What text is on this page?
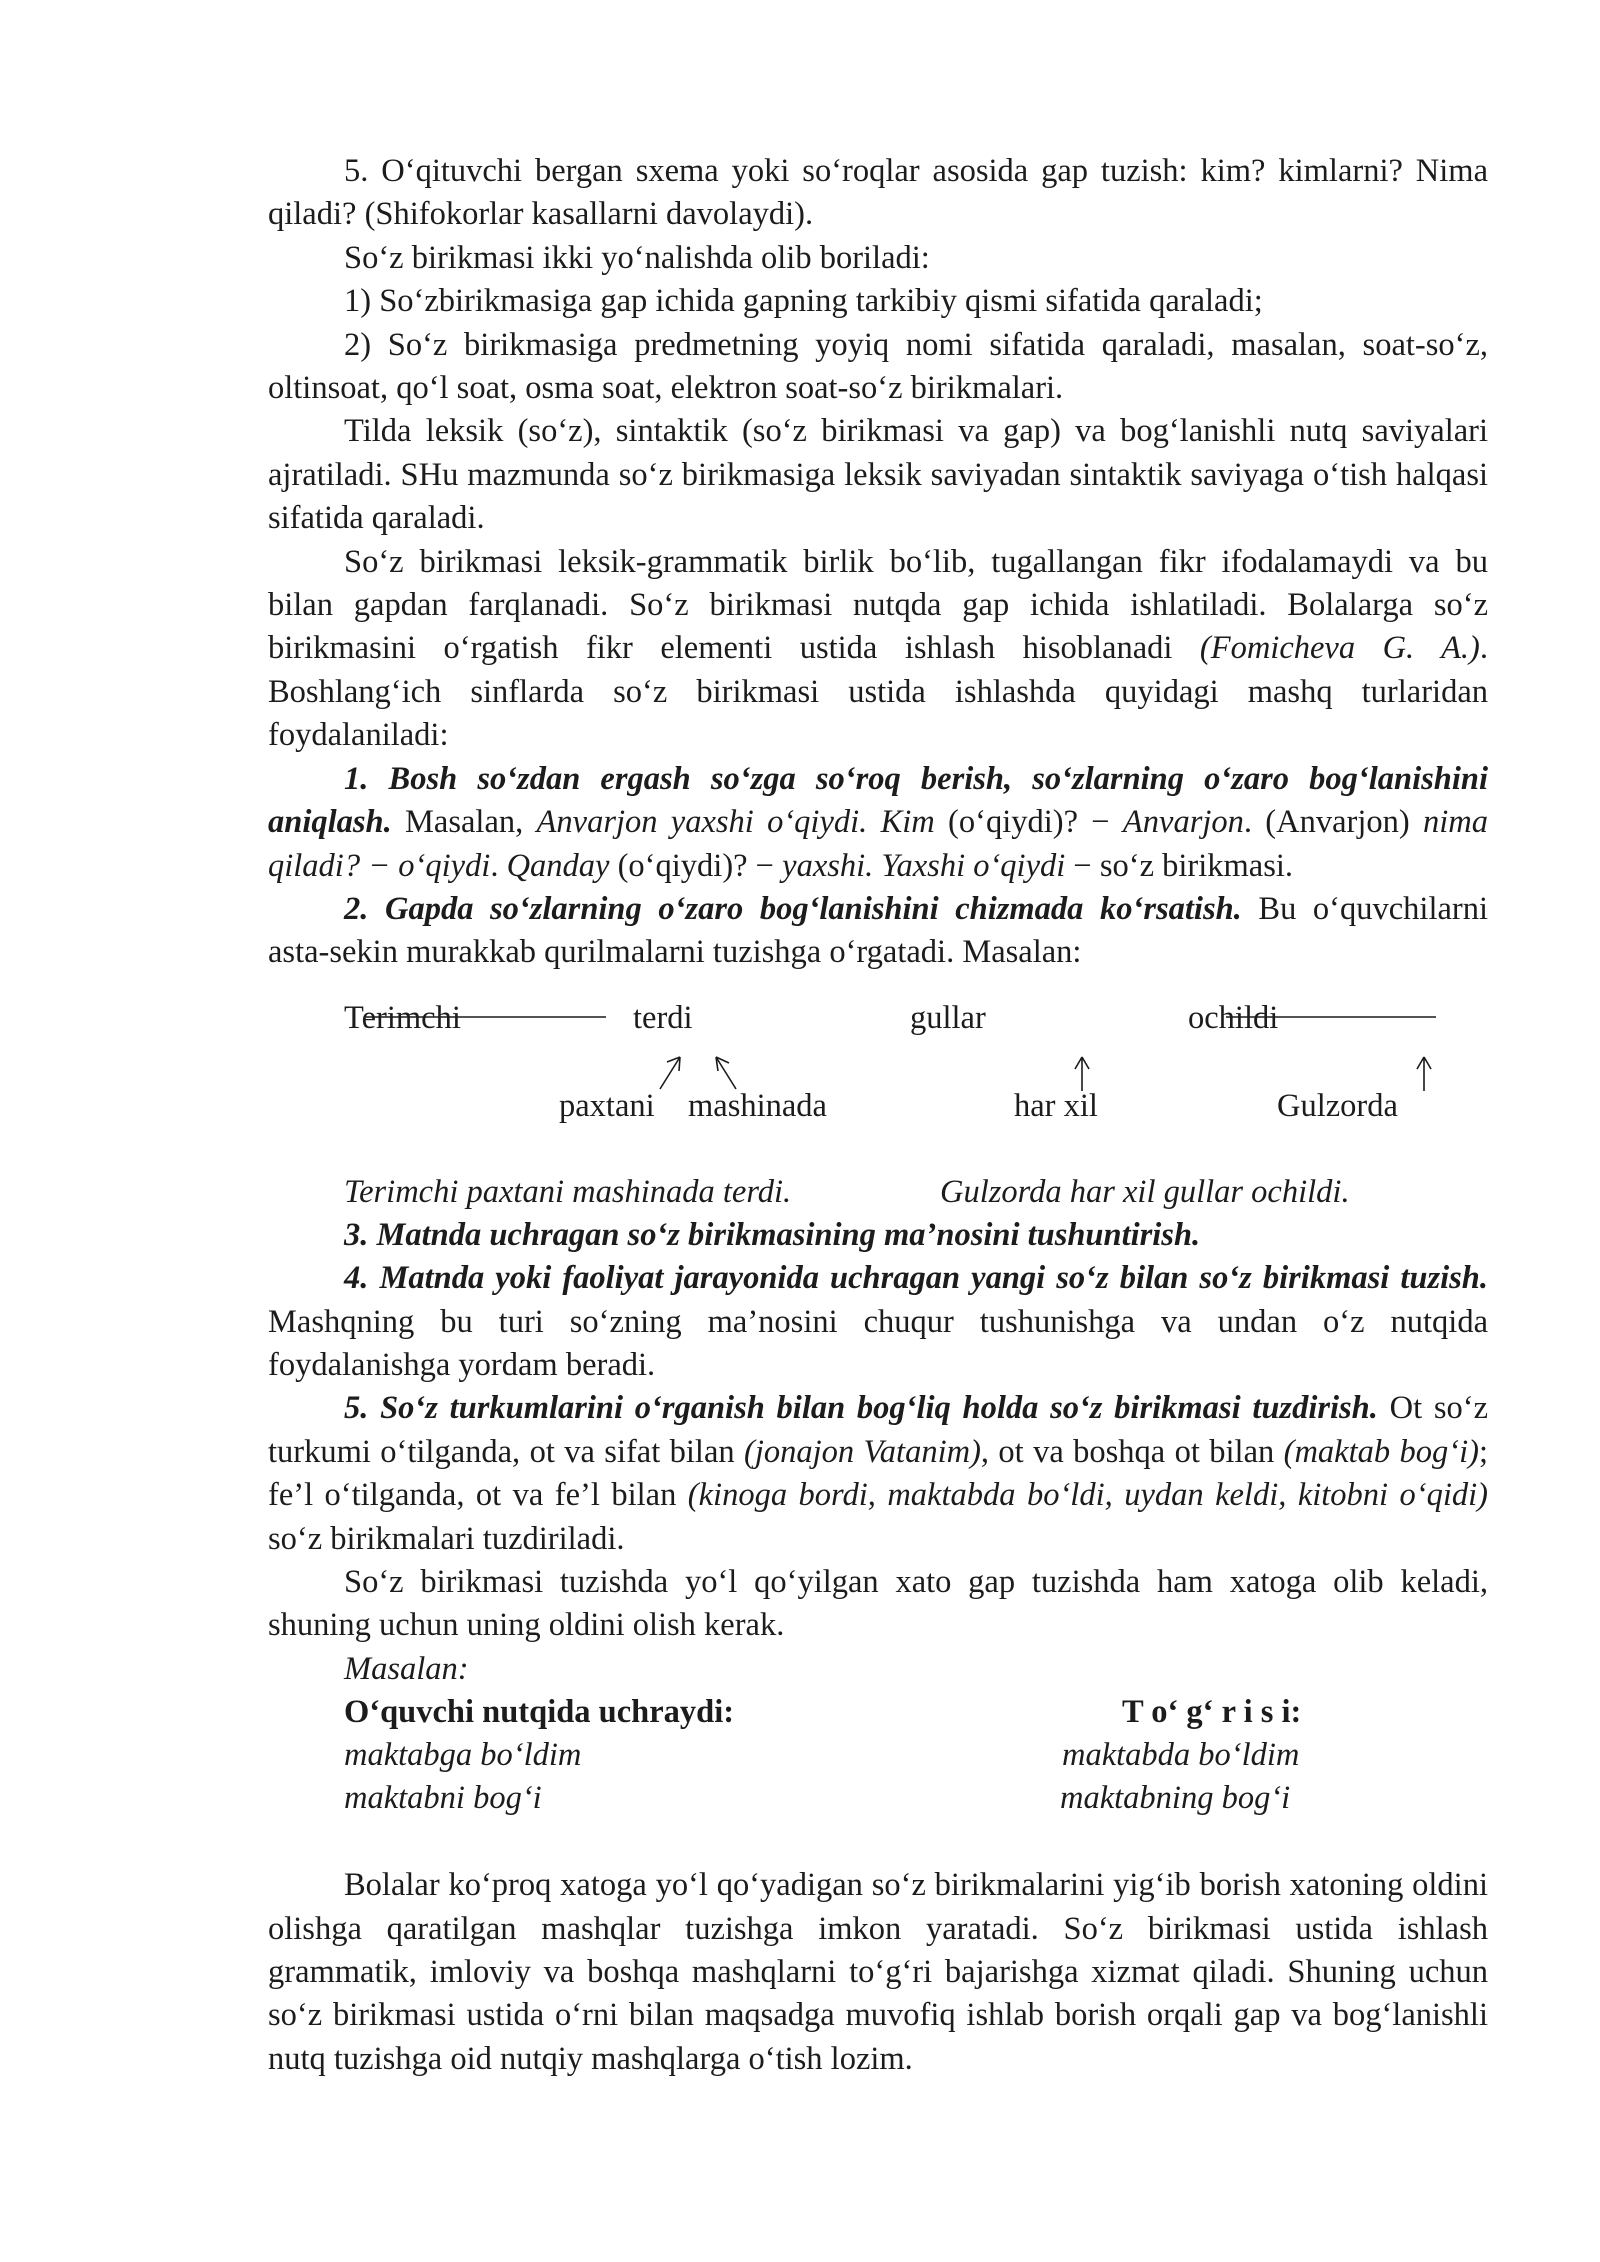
5. O‘qituvchi bergan sxema yoki so‘roqlar asosida gap tuzish: kim? kimlarni? Nima qiladi? (Shifokorlar kasallarni davolaydi).

So‘z birikmasi ikki yo‘nalishda olib boriladi:

1) So‘zbirikmasiga gap ichida gapning tarkibiy qismi sifatida qaraladi;

2) So‘z birikmasiga predmetning yoyiq nomi sifatida qaraladi, masalan, soat-so‘z, oltinsoat, qo‘l soat, osma soat, elektron soat-so‘z birikmalari.

Tilda leksik (so‘z), sintaktik (so‘z birikmasi va gap) va bog‘lanishli nutq saviyalari ajratiladi. SHu mazmunda so‘z birikmasiga leksik saviyadan sintaktik saviyaga o‘tish halqasi sifatida qaraladi.

So‘z birikmasi leksik-grammatik birlik bo‘lib, tugallangan fikr ifodalamaydi va bu bilan gapdan farqlanadi. So‘z birikmasi nutqda gap ichida ishlatiladi. Bolalarga so‘z birikmasini o‘rgatish fikr elementi ustida ishlash hisoblanadi (Fomicheva G. A.). Boshlang‘ich sinflarda so‘z birikmasi ustida ishlashda quyidagi mashq turlaridan foydalaniladi:

1. Bosh so‘zdan ergash so‘zga so‘roq berish, so‘zlarning o‘zaro bog‘lanishini aniqlash. Masalan, Anvarjon yaxshi o‘qiydi. Kim (o‘qiydi)? − Anvarjon. (Anvarjon) nima qiladi? − o‘qiydi. Qanday (o‘qiydi)? − yaxshi. Yaxshi o‘qiydi − so‘z birikmasi.

2. Gapda so‘zlarning o‘zaro bog‘lanishini chizmada ko‘rsatish. Bu o‘quvchilarni asta-sekin murakkab qurilmalarni tuzishga o‘rgatadi. Masalan:

Terimchi	terdi	gullar	ochildi
paxtani mashinada	har xil	Gulzorda
Terimchi paxtani mashinada terdi.	Gulzorda har xil gullar ochildi.

3. Matnda uchragan so‘z birikmasining ma’nosini tushuntirish.

4. Matnda yoki faoliyat jarayonida uchragan yangi so‘z bilan so‘z birikmasi tuzish. Mashqning bu turi so‘zning ma’nosini chuqur tushunishga va undan o‘z nutqida foydalanishga yordam beradi.

5. So‘z turkumlarini o‘rganish bilan bog‘liq holda so‘z birikmasi tuzdirish. Ot so‘z turkumi o‘tilganda, ot va sifat bilan (jonajon Vatanim), ot va boshqa ot bilan (maktab bog‘i); fe’l o‘tilganda, ot va fe’l bilan (kinoga bordi, maktabda bo‘ldi, uydan keldi, kitobni o‘qidi) so‘z birikmalari tuzdiriladi.

So‘z birikmasi tuzishda yo‘l qo‘yilgan xato gap tuzishda ham xatoga olib keladi, shuning uchun uning oldini olish kerak.

Masalan:

O‘quvchi nutqida uchraydi:	T o‘ g‘ r i s i:
maktabga bo‘ldim	maktabda bo‘ldim
maktabni bog‘i	maktabning bog‘i

Bolalar ko‘proq xatoga yo‘l qo‘yadigan so‘z birikmalarini yig‘ib borish xatoning oldini olishga qaratilgan mashqlar tuzishga imkon yaratadi. So‘z birikmasi ustida ishlash grammatik, imloviy va boshqa mashqlarni to‘g‘ri bajarishga xizmat qiladi. Shuning uchun so‘z birikmasi ustida o‘rni bilan maqsadga muvofiq ishlab borish orqali gap va bog‘lanishli nutq tuzishga oid nutqiy mashqlarga o‘tish lozim.
